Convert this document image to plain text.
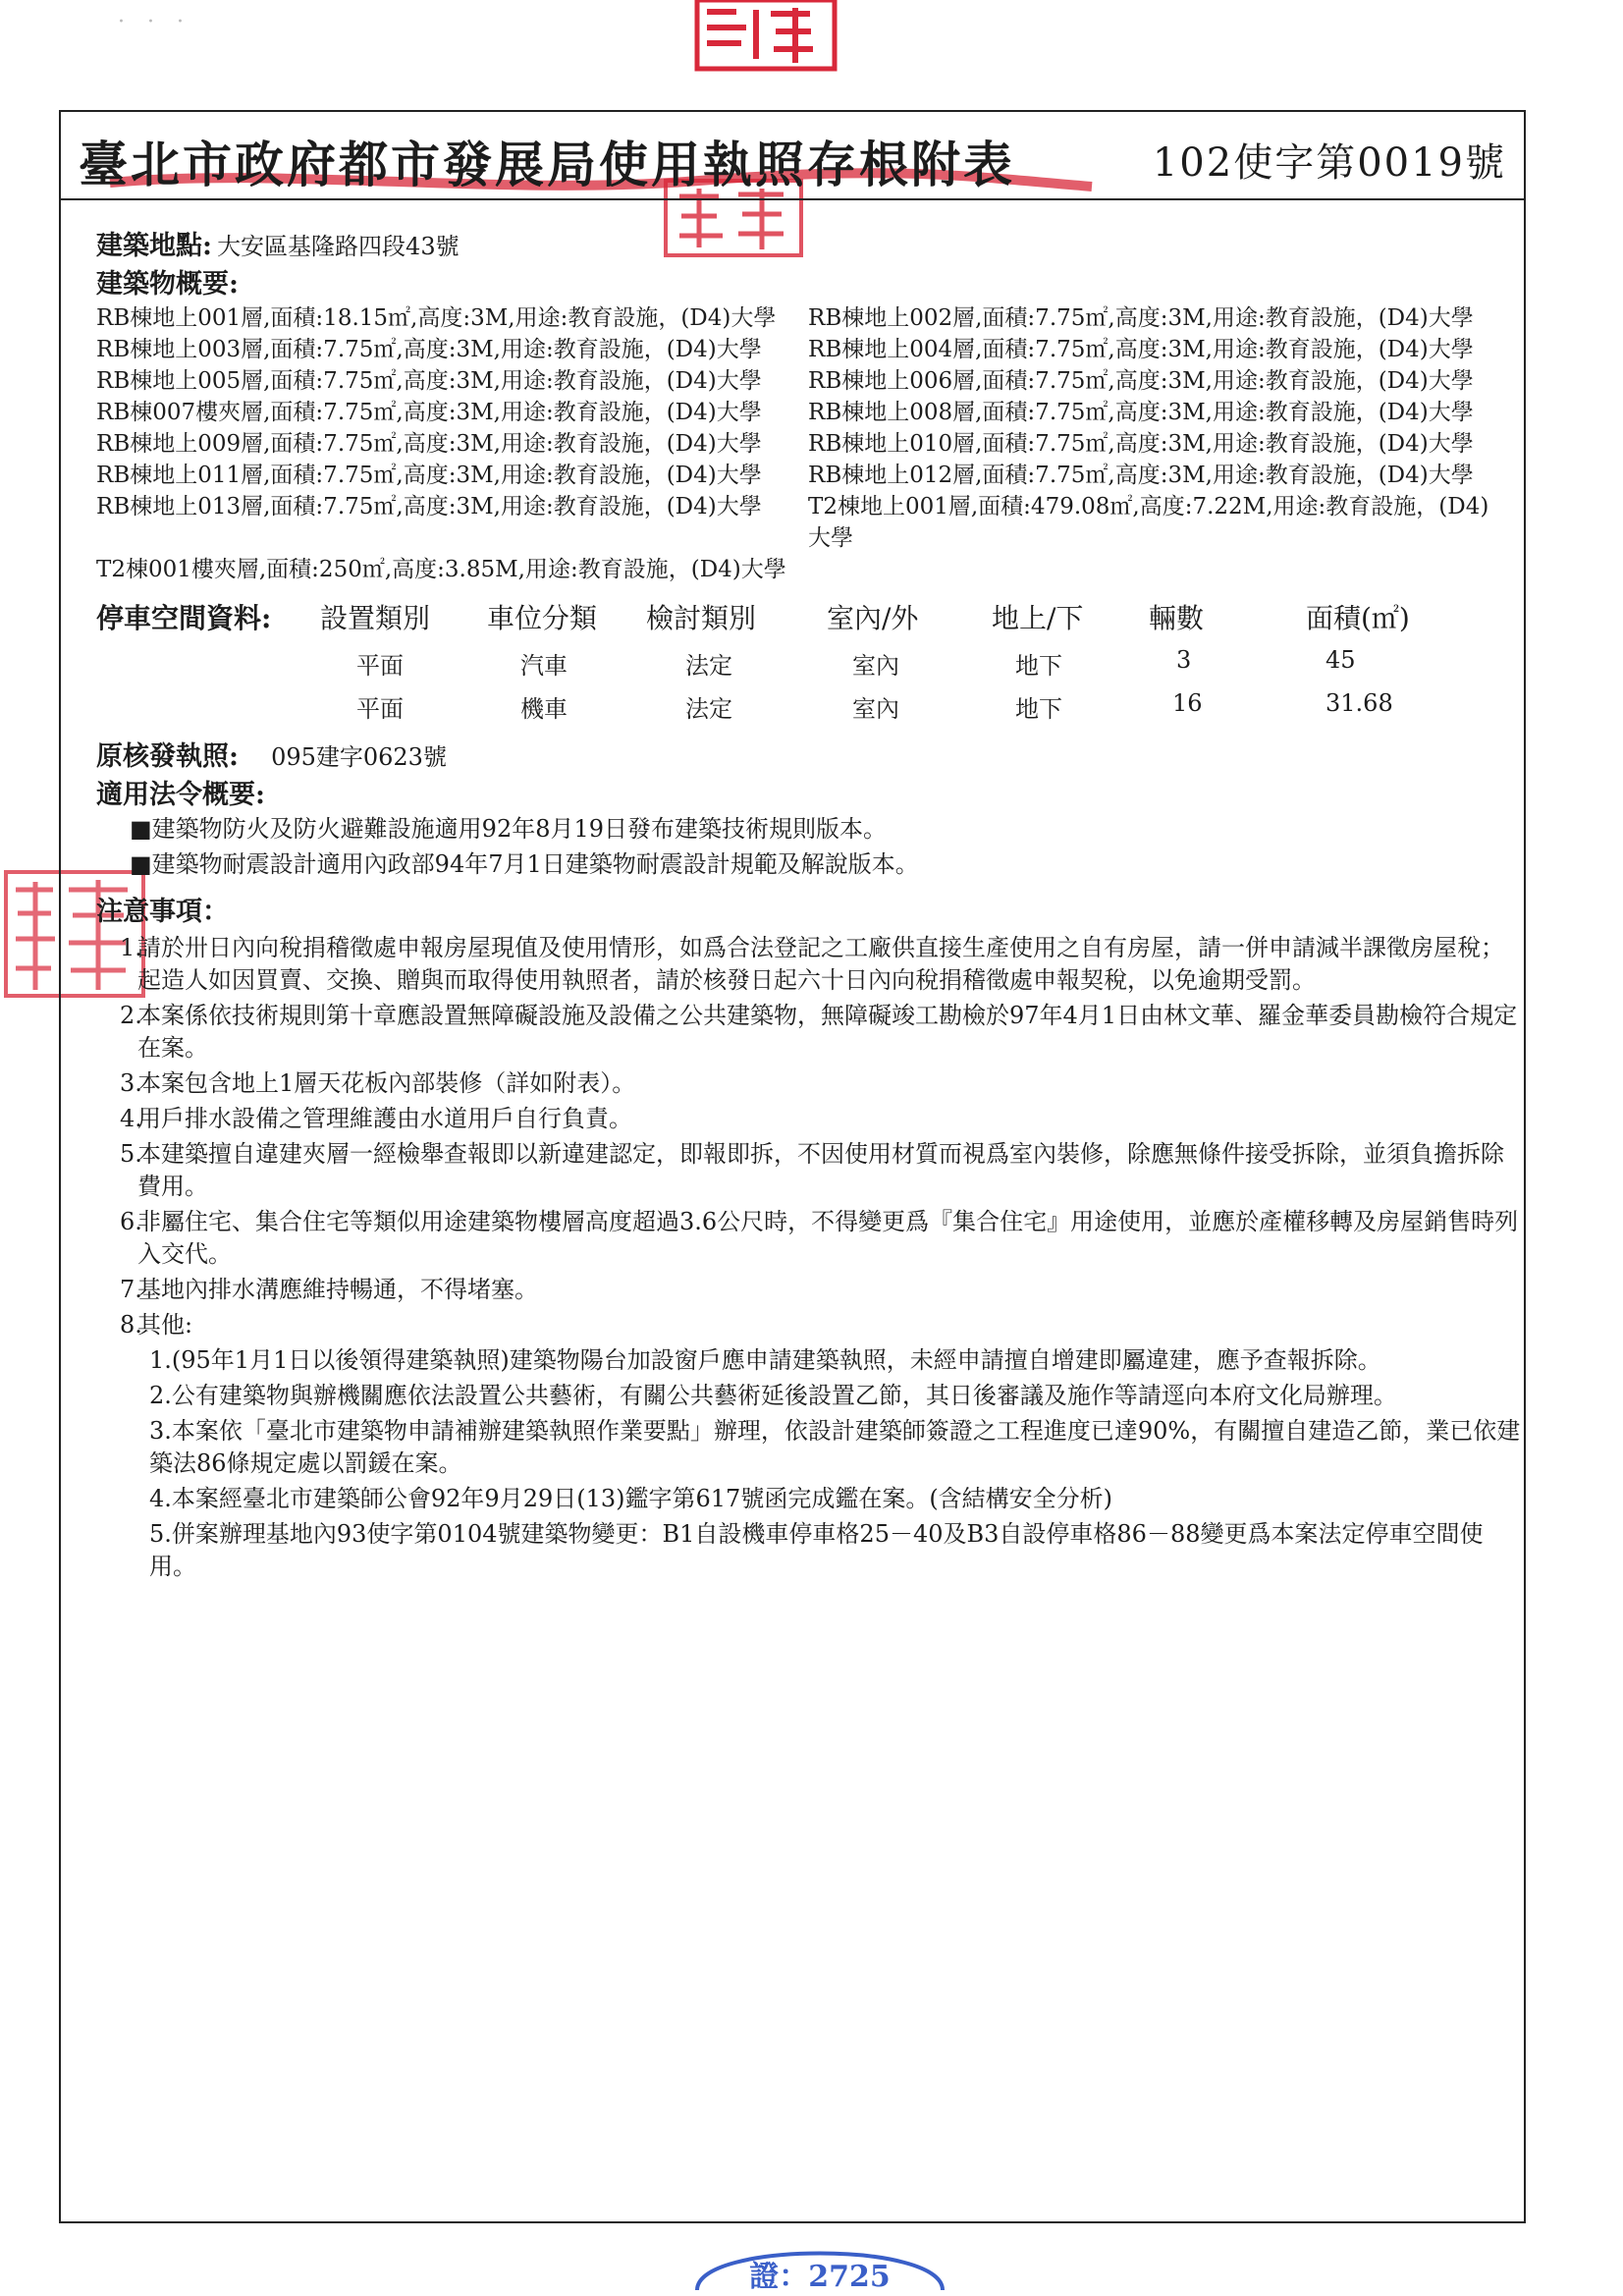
· · ·
臺北市政府都市發展局使用執照存根附表	102使字第0019號
建築地點: 大安區基隆路四段43號
建築物概要:
RB棟地上001層,面積:18.15㎡,高度:3M,用途:教育設施，(D4)大學	RB棟地上002層,面積:7.75㎡,高度:3M,用途:教育設施，(D4)大學
RB棟地上003層,面積:7.75㎡,高度:3M,用途:教育設施，(D4)大學	RB棟地上004層,面積:7.75㎡,高度:3M,用途:教育設施，(D4)大學
RB棟地上005層,面積:7.75㎡,高度:3M,用途:教育設施，(D4)大學	RB棟地上006層,面積:7.75㎡,高度:3M,用途:教育設施，(D4)大學
RB棟007樓夾層,面積:7.75㎡,高度:3M,用途:教育設施，(D4)大學	RB棟地上008層,面積:7.75㎡,高度:3M,用途:教育設施，(D4)大學
RB棟地上009層,面積:7.75㎡,高度:3M,用途:教育設施，(D4)大學	RB棟地上010層,面積:7.75㎡,高度:3M,用途:教育設施，(D4)大學
RB棟地上011層,面積:7.75㎡,高度:3M,用途:教育設施，(D4)大學	RB棟地上012層,面積:7.75㎡,高度:3M,用途:教育設施，(D4)大學
RB棟地上013層,面積:7.75㎡,高度:3M,用途:教育設施，(D4)大學	T2棟地上001層,面積:479.08㎡,高度:7.22M,用途:教育設施，(D4)大學
T2棟001樓夾層,面積:250㎡,高度:3.85M,用途:教育設施，(D4)大學
停車空間資料: 設置類別 車位分類 檢討類別	室內/外	地上/下 輛數	面積(㎡)
平面	汽車	法定	室內	地下	3	45
平面	機車	法定	室內	地下	16	31.68
原核發執照: 095建字0623號
適用法令概要:
■建築物防火及防火避難設施適用92年8月19日發布建築技術規則版本。
■建築物耐震設計適用內政部94年7月1日建築物耐震設計規範及解說版本。
注意事項：
1.
請於卅日內向稅捐稽徵處申報房屋現值及使用情形，如爲合法登記之工廠供直接生產使用之自有房屋，請一併申請減半課徵房屋稅；起造人如因買賣、交換、贈與而取得使用執照者，請於核發日起六十日內向稅捐稽徵處申報契稅，以免逾期受罰。
2.
本案係依技術規則第十章應設置無障礙設施及設備之公共建築物，無障礙竣工勘檢於97年4月1日由林文華、羅金華委員勘檢符合規定在案。
3.
本案包含地上1層天花板內部裝修（詳如附表）。
4.
用戶排水設備之管理維護由水道用戶自行負責。
5.
本建築擅自違建夾層一經檢舉查報即以新違建認定，即報即拆，不因使用材質而視爲室內裝修，除應無條件接受拆除，並須負擔拆除費用。
6.
非屬住宅、集合住宅等類似用途建築物樓層高度超過3.6公尺時，不得變更爲『集合住宅』用途使用，並應於產權移轉及房屋銷售時列入交代。
7.
基地內排水溝應維持暢通，不得堵塞。
8.
其他:
1.(95年1月1日以後領得建築執照)建築物陽台加設窗戶應申請建築執照，未經申請擅自增建即屬違建，應予查報拆除。
2.公有建築物與辦機關應依法設置公共藝術，有關公共藝術延後設置乙節，其日後審議及施作等請逕向本府文化局辦理。
3.本案依「臺北市建築物申請補辦建築執照作業要點」辦理，依設計建築師簽證之工程進度已達90%，有關擅自建造乙節，業已依建築法86條規定處以罰鍰在案。
4.本案經臺北市建築師公會92年9月29日(13)鑑字第617號函完成鑑在案。(含結構安全分析)
5.併案辦理基地內93使字第0104號建築物變更：B1自設機車停車格25－40及B3自設停車格86－88變更爲本案法定停車空間使用。
證：2725
